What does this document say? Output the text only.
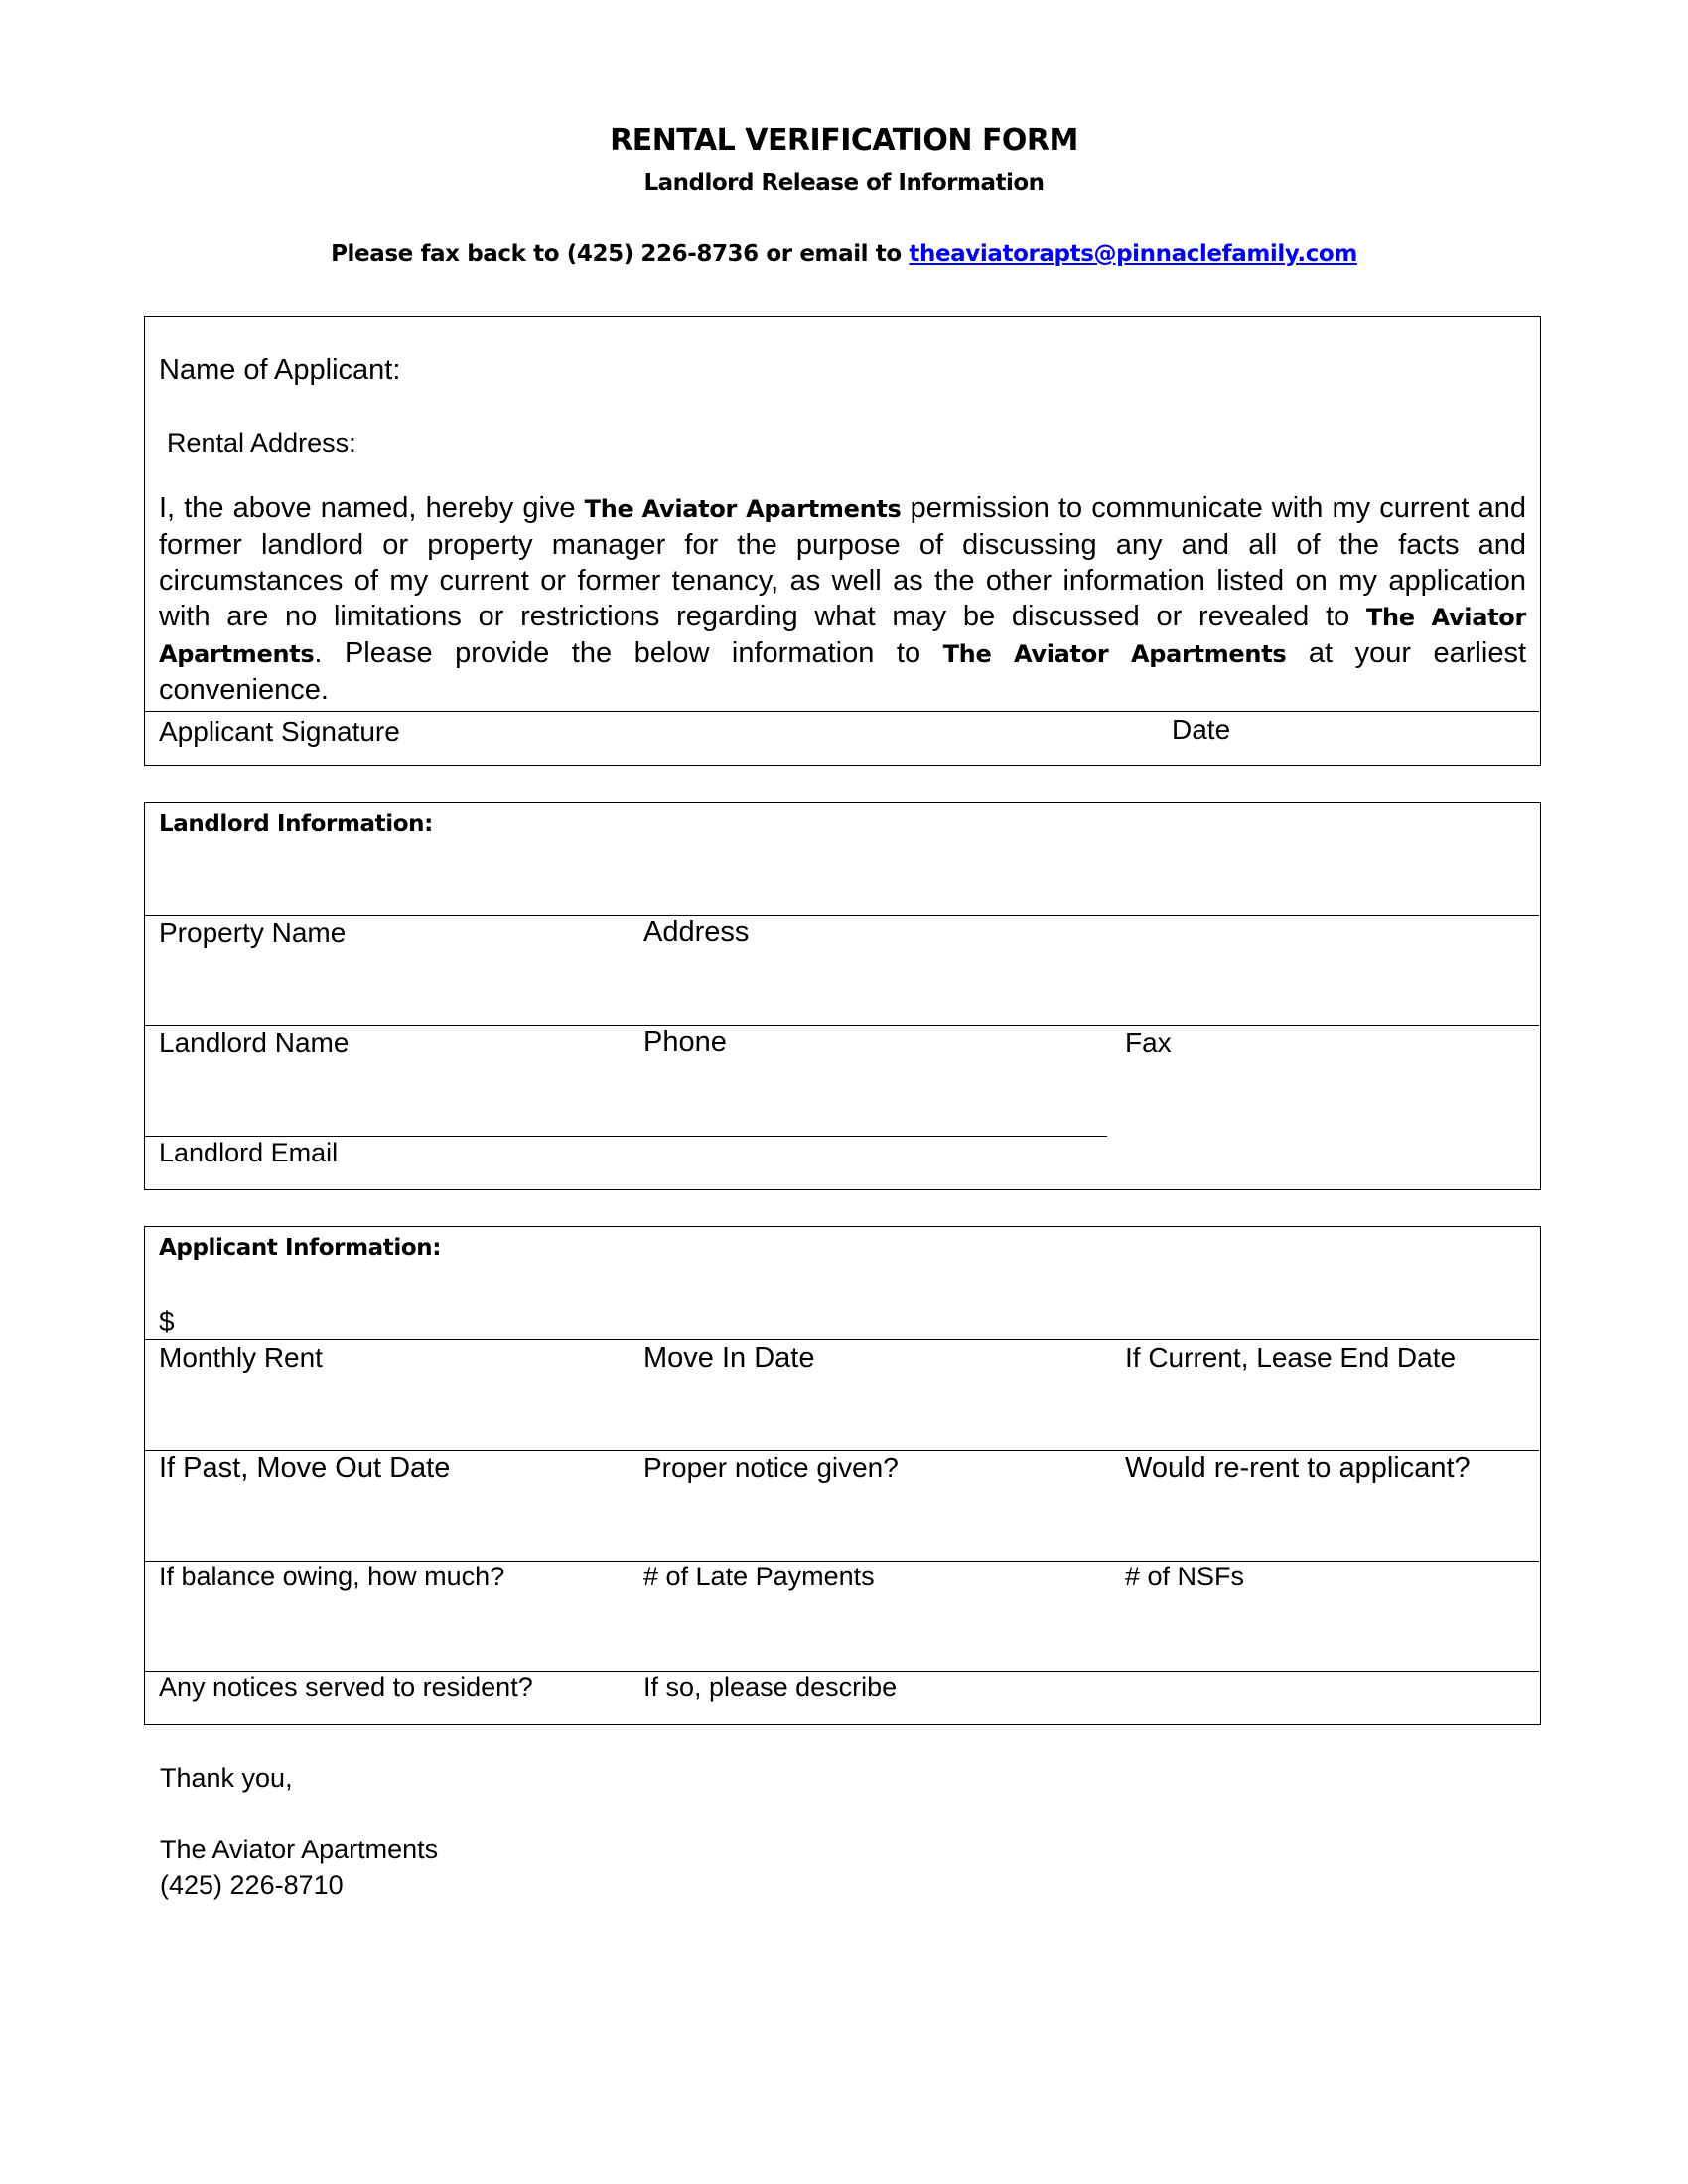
RENTAL VERIFICATION FORM
Landlord Release of Information
Please fax back to (425) 226-8736 or email to theaviatorapts@pinnaclefamily.com
Name of Applicant:
Rental Address:
I, the above named, hereby give The Aviator Apartments permission to communicate with my current and former landlord or property manager for the purpose of discussing any and all of the facts and circumstances of my current or former tenancy, as well as the other information listed on my application with are no limitations or restrictions regarding what may be discussed or revealed to The Aviator Apartments. Please provide the below information to The Aviator Apartments at your earliest convenience.
Applicant Signature	Date
Landlord Information:
Property Name	Address
Landlord Name	Phone	Fax
Landlord Email
Applicant Information:
$
Monthly Rent	Move In Date	If Current, Lease End Date
If Past, Move Out Date	Proper notice given?	Would re-rent to applicant?
If balance owing, how much?	# of Late Payments	# of NSFs
Any notices served to resident?	If so, please describe
Thank you,
The Aviator Apartments
(425) 226-8710
